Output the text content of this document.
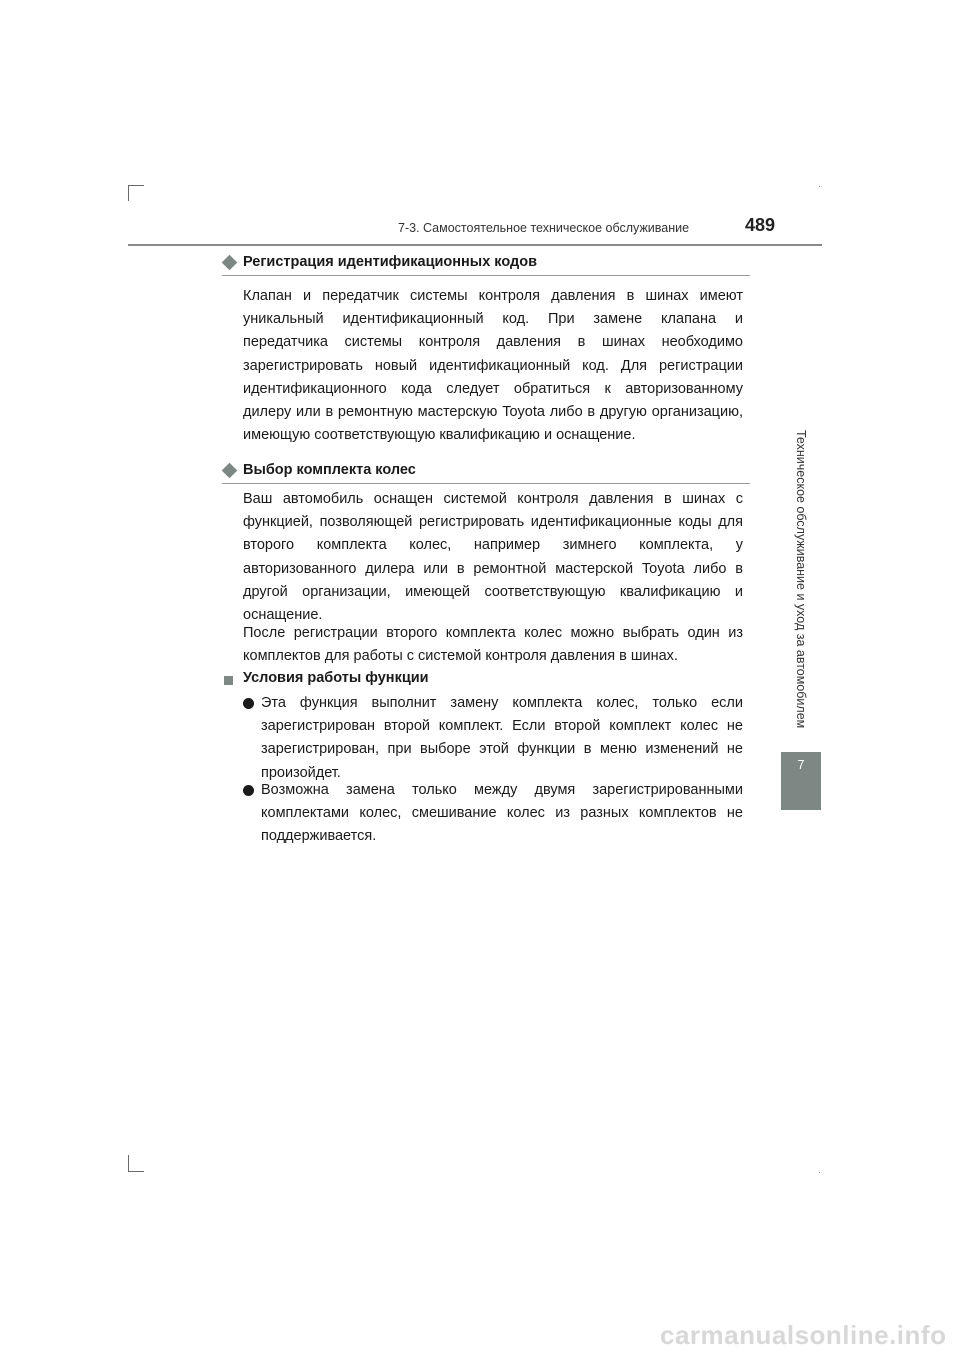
7-3. Самостоятельное техническое обслуживание	489
Техническое обслуживание и уход за автомобилем
7
Регистрация идентификационных кодов
Клапан и передатчик системы контроля давления в шинах имеют уникальный идентификационный код. При замене клапана и передатчика системы контроля давления в шинах необходимо зарегистрировать новый идентификационный код. Для регистрации идентификационного кода следует обратиться к авторизованному дилеру или в ремонтную мастерскую Toyota либо в другую организацию, имеющую соответствующую квалификацию и оснащение.
Выбор комплекта колес
Ваш автомобиль оснащен системой контроля давления в шинах с функцией, позволяющей регистрировать идентификационные коды для второго комплекта колес, например зимнего комплекта, у авторизованного дилера или в ремонтной мастерской Toyota либо в другой организации, имеющей соответствующую квалификацию и оснащение.
После регистрации второго комплекта колес можно выбрать один из комплектов для работы с системой контроля давления в шинах.
Условия работы функции
Эта функция выполнит замену комплекта колес, только если зарегистрирован второй комплект. Если второй комплект колес не зарегистрирован, при выборе этой функции в меню изменений не произойдет.
Возможна замена только между двумя зарегистрированными комплектами колес, смешивание колес из разных комплектов не поддерживается.
carmanualsonline.info
